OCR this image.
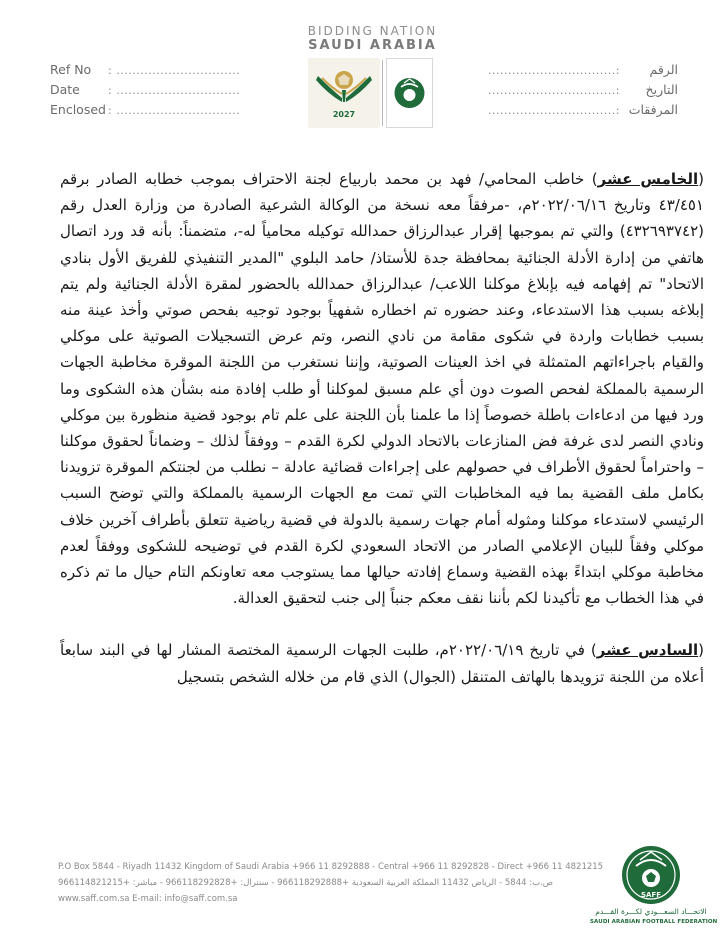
Ref No : ...............................
Date	: ...............................
Enclosed : ...............................
BIDDING NATION
SAUDI ARABIA
2027
الرقم:................................
التاريخ:................................
المرفقات:................................

(الخامس عشر) خاطب المحامي/ فهد بن محمد باربياع لجنة الاحتراف بموجب خطابه الصادر برقم ٤٣/٤٥١ وتاريخ ٢٠٢٢/٠٦/١٦م، -مرفقاً معه نسخة من الوكالة الشرعية الصادرة من وزارة العدل رقم (٤٣٢٦٩٣٧٤٢) والتي تم بموجبها إقرار عبدالرزاق حمدالله توكيله محامياً له-، متضمناً: بأنه قد ورد اتصال هاتفي من إدارة الأدلة الجنائية بمحافظة جدة للأستاذ/ حامد البلوي "المدير التنفيذي للفريق الأول بنادي الاتحاد" تم إفهامه فيه بإبلاغ موكلنا اللاعب/ عبدالرزاق حمدالله بالحضور لمقرة الأدلة الجنائية ولم يتم إبلاغه بسبب هذا الاستدعاء، وعند حضوره تم اخطاره شفهياً بوجود توجيه بفحص صوتي وأخذ عينة منه بسبب خطابات واردة في شكوى مقامة من نادي النصر، وتم عرض التسجيلات الصوتية على موكلي والقيام باجراءاتهم المتمثلة في اخذ العينات الصوتية، وإننا نستغرب من اللجنة الموقرة مخاطبة الجهات الرسمية بالمملكة لفحص الصوت دون أي علم مسبق لموكلنا أو طلب إفادة منه بشأن هذه الشكوى وما ورد فيها من ادعاءات باطلة خصوصاً إذا ما علمنا بأن اللجنة على علم تام بوجود قضية منظورة بين موكلي ونادي النصر لدى غرفة فض المنازعات بالاتحاد الدولي لكرة القدم – ووفقاً لذلك – وضماناً لحقوق موكلنا – واحتراماً لحقوق الأطراف في حصولهم على إجراءات قضائية عادلة – نطلب من لجنتكم الموقرة تزويدنا بكامل ملف القضية بما فيه المخاطبات التي تمت مع الجهات الرسمية بالمملكة والتي توضح السبب الرئيسي لاستدعاء موكلنا ومثوله أمام جهات رسمية بالدولة في قضية رياضية تتعلق بأطراف آخرين خلاف موكلي وفقاً للبيان الإعلامي الصادر من الاتحاد السعودي لكرة القدم في توضيحه للشكوى ووفقاً لعدم مخاطبة موكلي ابتداءً بهذه القضية وسماع إفادته حيالها مما يستوجب معه تعاونكم التام حيال ما تم ذكره في هذا الخطاب مع تأكيدنا لكم بأننا نقف معكم جنباً إلى جنب لتحقيق العدالة.

(السادس عشر) في تاريخ ٢٠٢٢/٠٦/١٩م، طلبت الجهات الرسمية المختصة المشار لها في البند سابعاً أعلاه من اللجنة تزويدها بالهاتف المتنقل (الجوال) الذي قام من خلاله الشخص بتسجيل

P.O Box 5844 - Riyadh 11432 Kingdom of Saudi Arabia +966 11 8292888 - Central +966 11 8292828 - Direct +966 11 4821215
ص.ب: 5844 - الرياض 11432 المملكة العربية السعودية +966118292888 - سنترال: +966118292828 - مباشر: +966114821215
www.saff.com.sa E-mail: info@saff.com.sa	SAFF
الاتحـــاد السعـــودي لكـــرة القـــدم
SAUDI ARABIAN FOOTBALL FEDERATION
